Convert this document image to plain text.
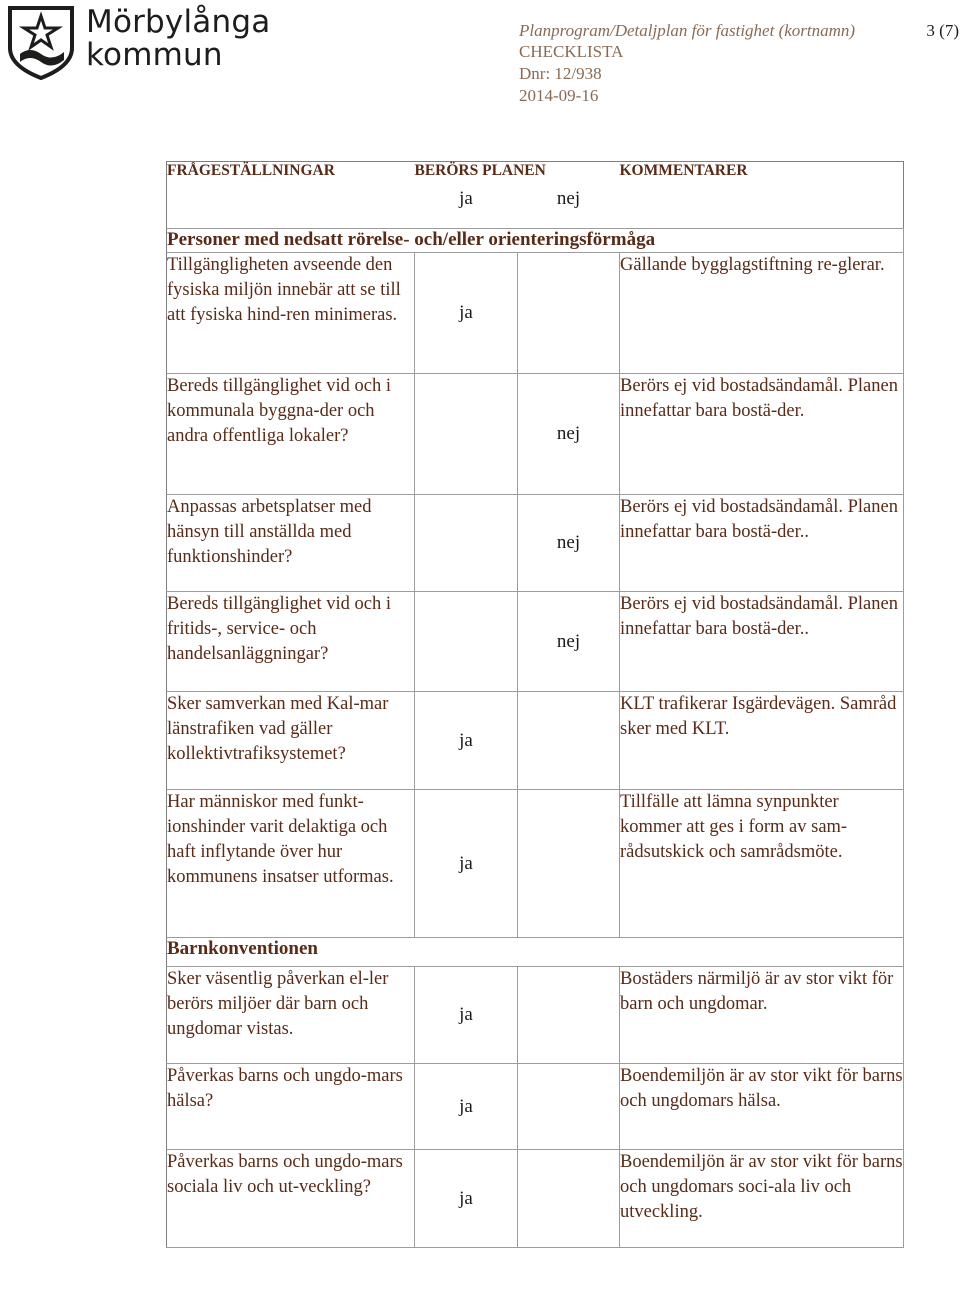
Mörbylånga
kommun
Planprogram/Detaljplan för fastighet (kortnamn)	3 (7)
CHECKLISTA
Dnr: 12/938
2014-09-16
FRÅGESTÄLLNINGAR	BERÖRS PLANEN		KOMMENTARER
	ja	nej	
Personer med nedsatt rörelse- och/eller orienteringsförmåga			
Tillgängligheten avseende den fysiska miljön innebär att se till att fysiska hind-ren minimeras.	ja		Gällande bygglagstiftning re-glerar.
Bereds tillgänglighet vid och i kommunala byggna-der och andra offentliga lokaler?		nej	Berörs ej vid bostadsändamål. Planen innefattar bara bostä-der.
Anpassas arbetsplatser med hänsyn till anställda med funktionshinder?		nej	Berörs ej vid bostadsändamål. Planen innefattar bara bostä-der..
Bereds tillgänglighet vid och i fritids-, service- och handelsanläggningar?		nej	Berörs ej vid bostadsändamål. Planen innefattar bara bostä-der..
Sker samverkan med Kal-mar länstrafiken vad gäller kollektivtrafiksystemet?	ja		KLT trafikerar Isgärdevägen. Samråd sker med KLT.
Har människor med funkt-ionshinder varit delaktiga och haft inflytande över hur kommunens insatser utformas.	ja		Tillfälle att lämna synpunkter kommer att ges i form av sam-rådsutskick och samrådsmöte.
Barnkonventionen			
Sker väsentlig påverkan el-ler berörs miljöer där barn och ungdomar vistas.	ja		Bostäders närmiljö är av stor vikt för barn och ungdomar.
Påverkas barns och ungdo-mars hälsa?	ja		Boendemiljön är av stor vikt för barns och ungdomars hälsa.
Påverkas barns och ungdo-mars sociala liv och ut-veckling?	ja		Boendemiljön är av stor vikt för barns och ungdomars soci-ala liv och utveckling.
